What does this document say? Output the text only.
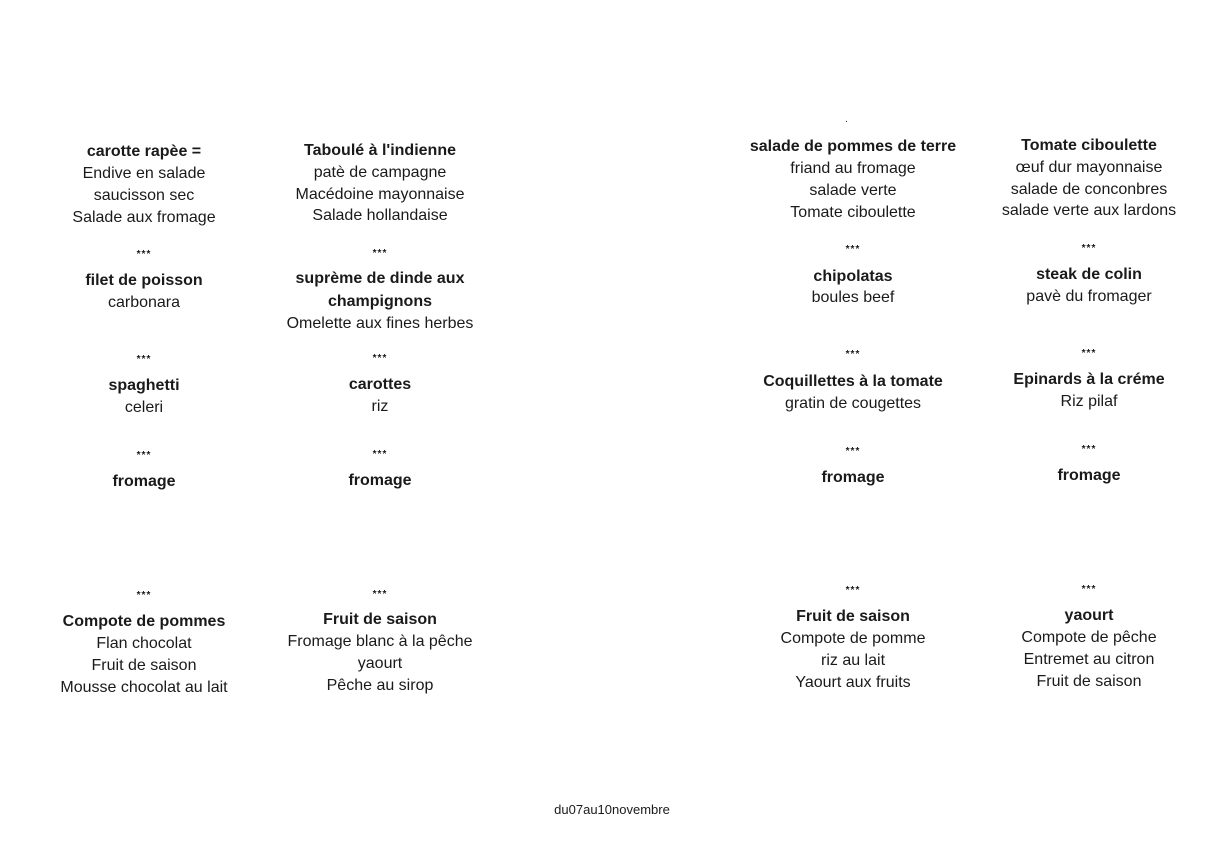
carotte rapèe =
Endive en salade
saucisson sec
Salade aux fromage
***
filet de poisson
carbonara
***
spaghetti
celeri
***
fromage
***
Compote de pommes
Flan chocolat
Fruit de saison
Mousse chocolat au lait
Taboulé à l'indienne
patè de campagne
Macédoine mayonnaise
Salade hollandaise
***
suprème de dinde aux
champignons
Omelette aux fines herbes
***
carottes
riz
***
fromage
***
Fruit de saison
Fromage blanc à la pêche
yaourt
Pêche au sirop
.
salade de pommes de terre
friand au fromage
salade verte
Tomate ciboulette
***
chipolatas
boules beef
***
Coquillettes à la tomate
gratin de cougettes
***
fromage
***
Fruit de saison
Compote de pomme
riz au lait
Yaourt aux fruits
Tomate ciboulette
œuf dur mayonnaise
salade de conconbres
salade verte aux lardons
***
steak de colin
pavè du fromager
***
Epinards à la créme
Riz pilaf
***
fromage
***
yaourt
Compote de pêche
Entremet au citron
Fruit de saison
du07au10novembre
